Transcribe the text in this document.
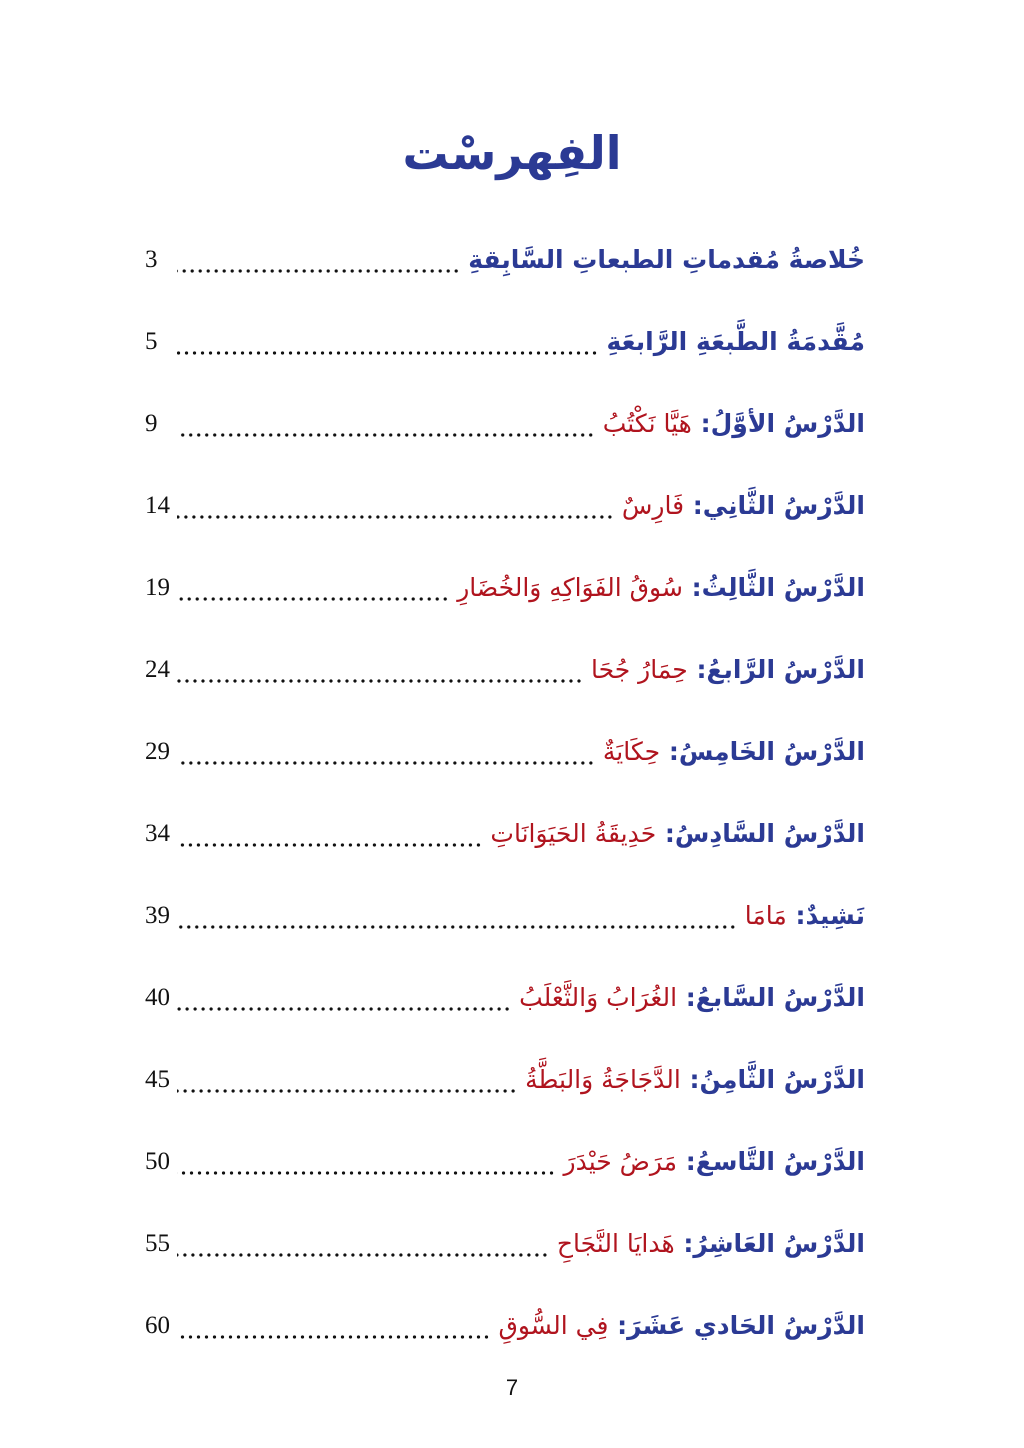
الفِهرسْت
خُلاصةُ مُقدماتِ الطبعاتِ السَّابِقةِ
3
مُقَّدمَةُ الطَّبعَةِ الرَّابعَةِ
5
الدَّرْسُ الأوَّلُ: هَيَّا نَكْتُبُ
9
الدَّرْسُ الثَّانِي: فَارِسٌ
14
الدَّرْسُ الثَّالِثُ: سُوقُ الفَوَاكِهِ وَالخُضَارِ
19
الدَّرْسُ الرَّابعُ: حِمَارُ جُحَا
24
الدَّرْسُ الخَامِسُ: حِكَايَةٌ
29
الدَّرْسُ السَّادِسُ: حَدِيقَةُ الحَيَوَانَاتِ
34
نَشِيدٌ: مَامَا
39
الدَّرْسُ السَّابعُ: الغُرَابُ وَالثَّعْلَبُ
40
الدَّرْسُ الثَّامِنُ: الدَّجَاجَةُ وَالبَطَّةُ
45
الدَّرْسُ التَّاسعُ: مَرَضُ حَيْدَرَ
50
الدَّرْسُ العَاشِرُ: هَدايَا النَّجَاحِ
55
الدَّرْسُ الحَادي عَشَرَ: فِي السُّوقِ
60
7
